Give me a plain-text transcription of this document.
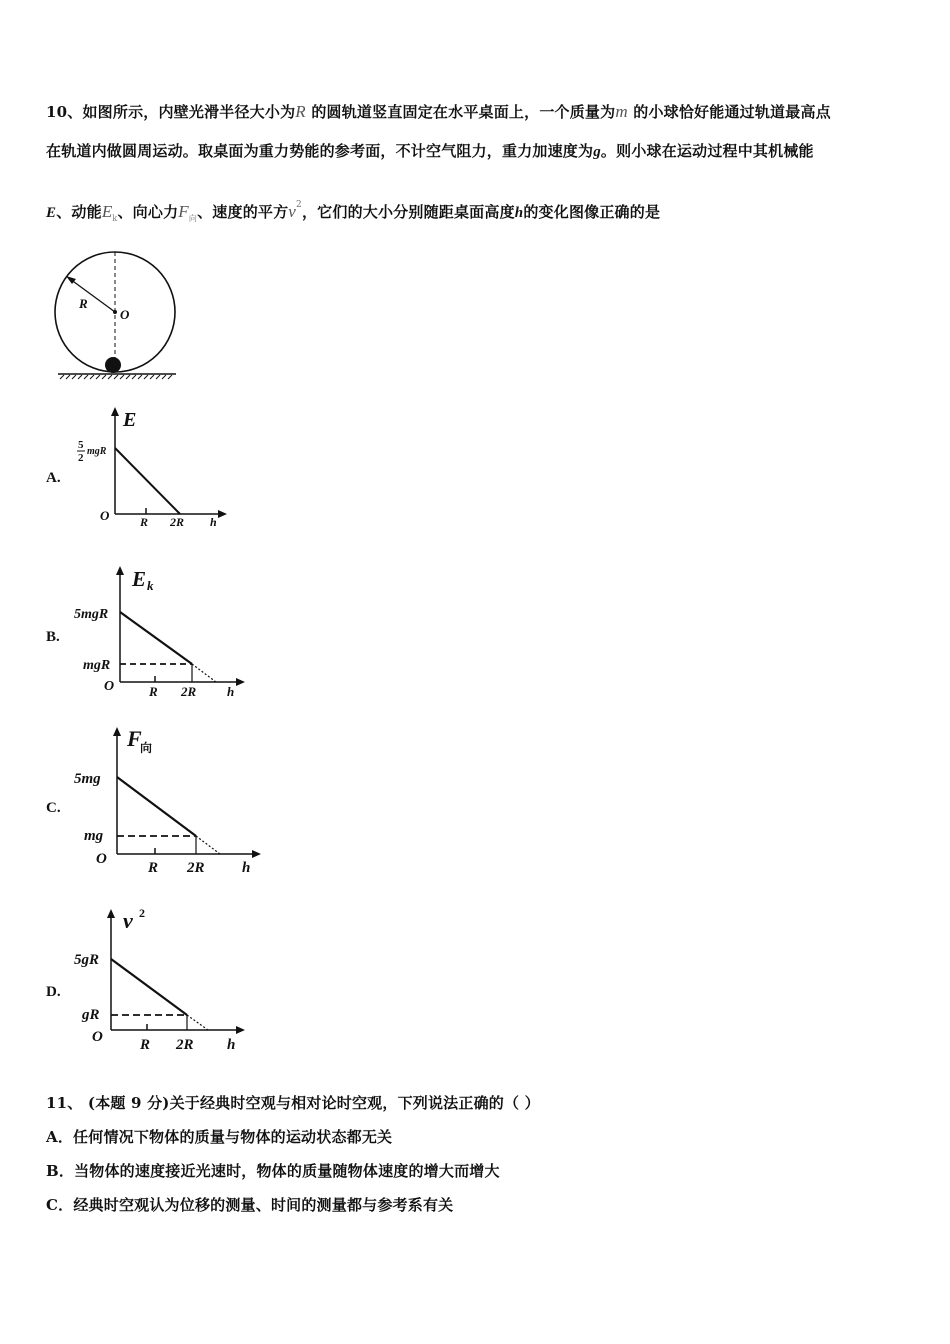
10、如图所示，内壁光滑半径大小为R 的圆轨道竖直固定在水平桌面上，一个质量为m 的小球恰好能通过轨道最高点
在轨道内做圆周运动。取桌面为重力势能的参考面，不计空气阻力，重力加速度为g。则小球在运动过程中其机械能
E、动能$E_k$、向心力$F_向$、速度的平方$v^2$，它们的大小分别随距桌面高度h的变化图像正确的是
R
O
A.
E
5
2
mgR
O	R 2R h
B.
E k
5mgR
mgR
O	R 2R h
C.
F
向
5mg
mg
O
R 2R h
D.
v 2
5gR
gR
O R 2R h
11、 (本题 9 分)关于经典时空观与相对论时空观，下列说法正确的（ ）
A．任何情况下物体的质量与物体的运动状态都无关
B．当物体的速度接近光速时，物体的质量随物体速度的增大而增大
C．经典时空观认为位移的测量、时间的测量都与参考系有关
